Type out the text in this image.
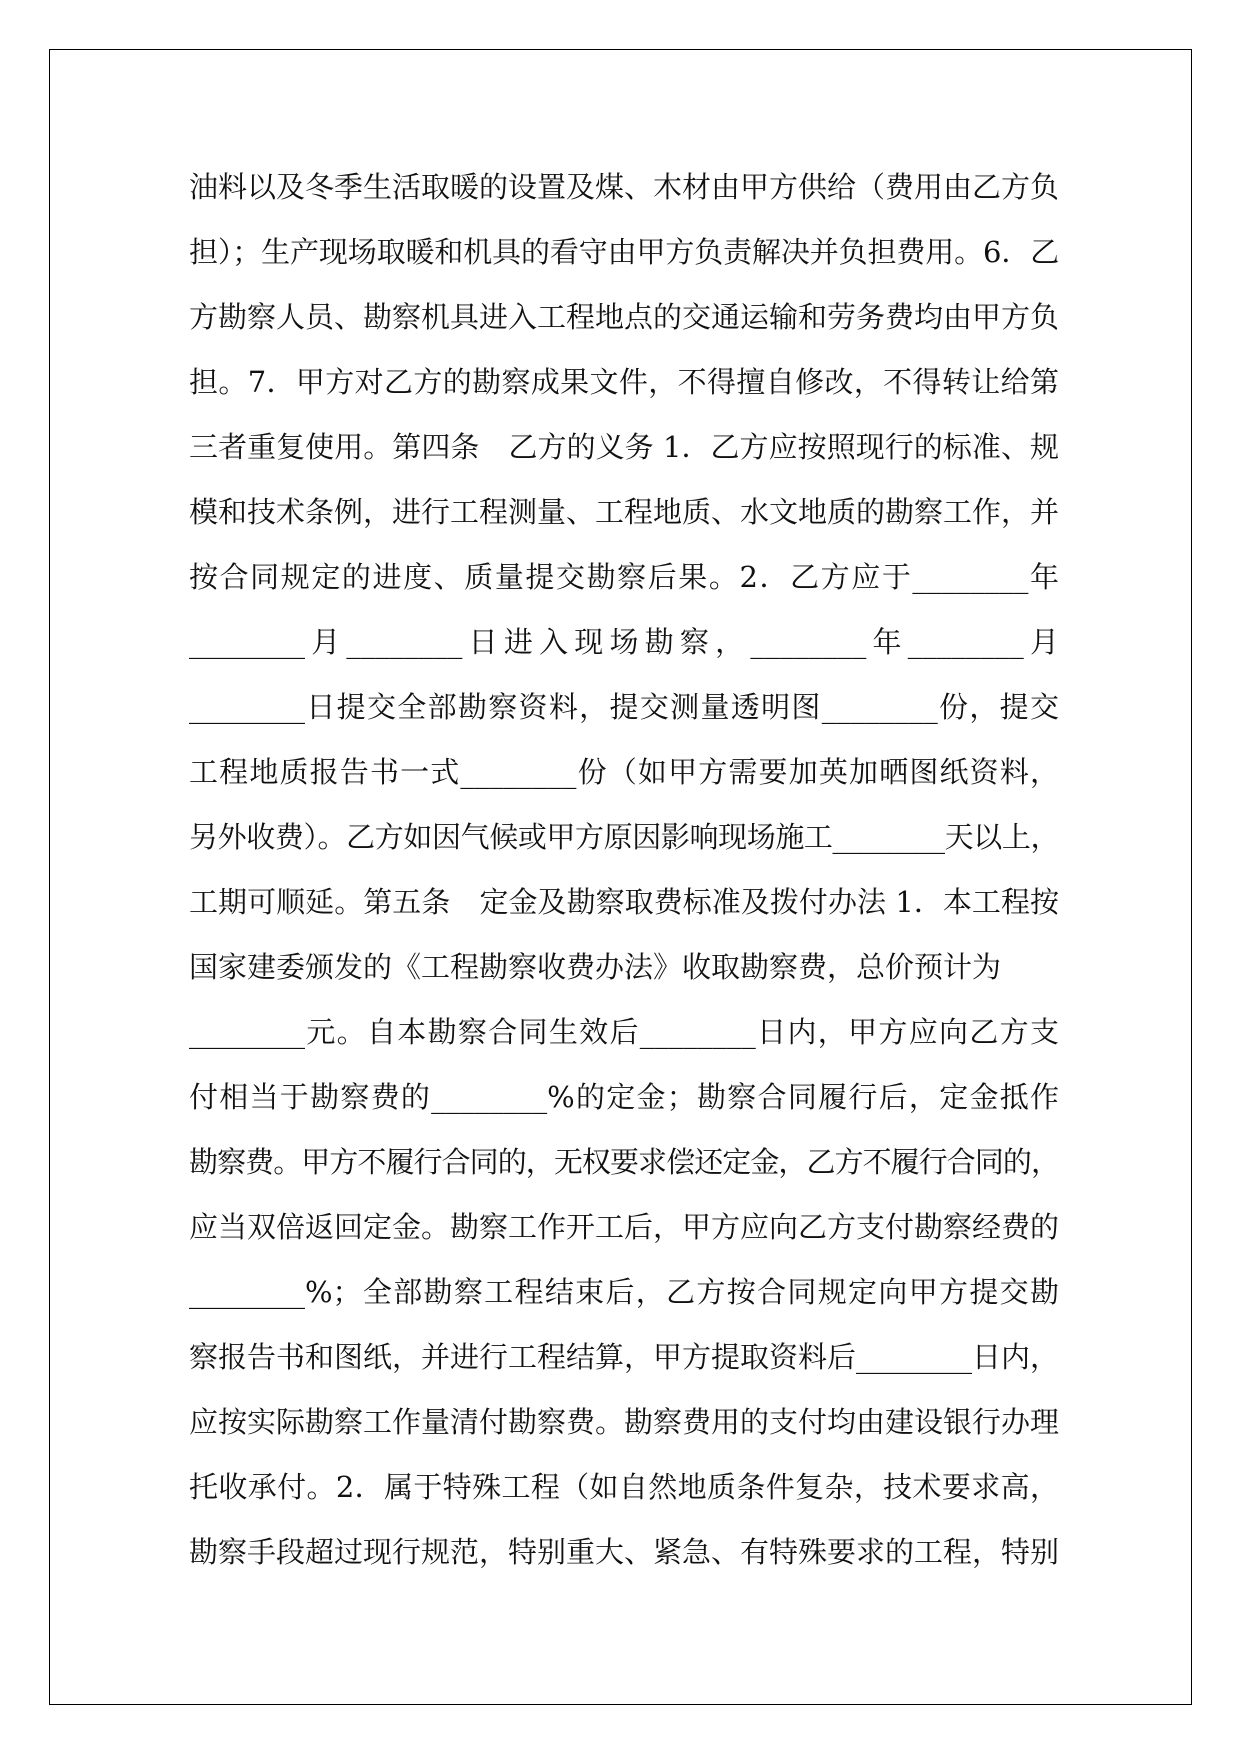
油料以及冬季生活取暖的设置及煤、木材由甲方供给（费用由乙方负
担）；生产现场取暖和机具的看守由甲方负责解决并负担费用。6．乙
方勘察人员、勘察机具进入工程地点的交通运输和劳务费均由甲方负
担。7．甲方对乙方的勘察成果文件，不得擅自修改，不得转让给第
三者重复使用。第四条　乙方的义务 1．乙方应按照现行的标准、规
模和技术条例，进行工程测量、工程地质、水文地质的勘察工作，并
按合同规定的进度、质量提交勘察后果。2．乙方应于________年
________月________日进入现场勘察，________年________月
________日提交全部勘察资料，提交测量透明图________份，提交
工程地质报告书一式________份（如甲方需要加英加晒图纸资料，
另外收费）。乙方如因气候或甲方原因影响现场施工________天以上，
工期可顺延。第五条　定金及勘察取费标准及拨付办法 1．本工程按
国家建委颁发的《工程勘察收费办法》收取勘察费，总价预计为
________元。自本勘察合同生效后________日内，甲方应向乙方支
付相当于勘察费的________%的定金；勘察合同履行后，定金抵作
勘察费。甲方不履行合同的，无权要求偿还定金，乙方不履行合同的，
应当双倍返回定金。勘察工作开工后，甲方应向乙方支付勘察经费的
________%；全部勘察工程结束后，乙方按合同规定向甲方提交勘
察报告书和图纸，并进行工程结算，甲方提取资料后________日内，
应按实际勘察工作量清付勘察费。勘察费用的支付均由建设银行办理
托收承付。2．属于特殊工程（如自然地质条件复杂，技术要求高，
勘察手段超过现行规范，特别重大、紧急、有特殊要求的工程，特别
